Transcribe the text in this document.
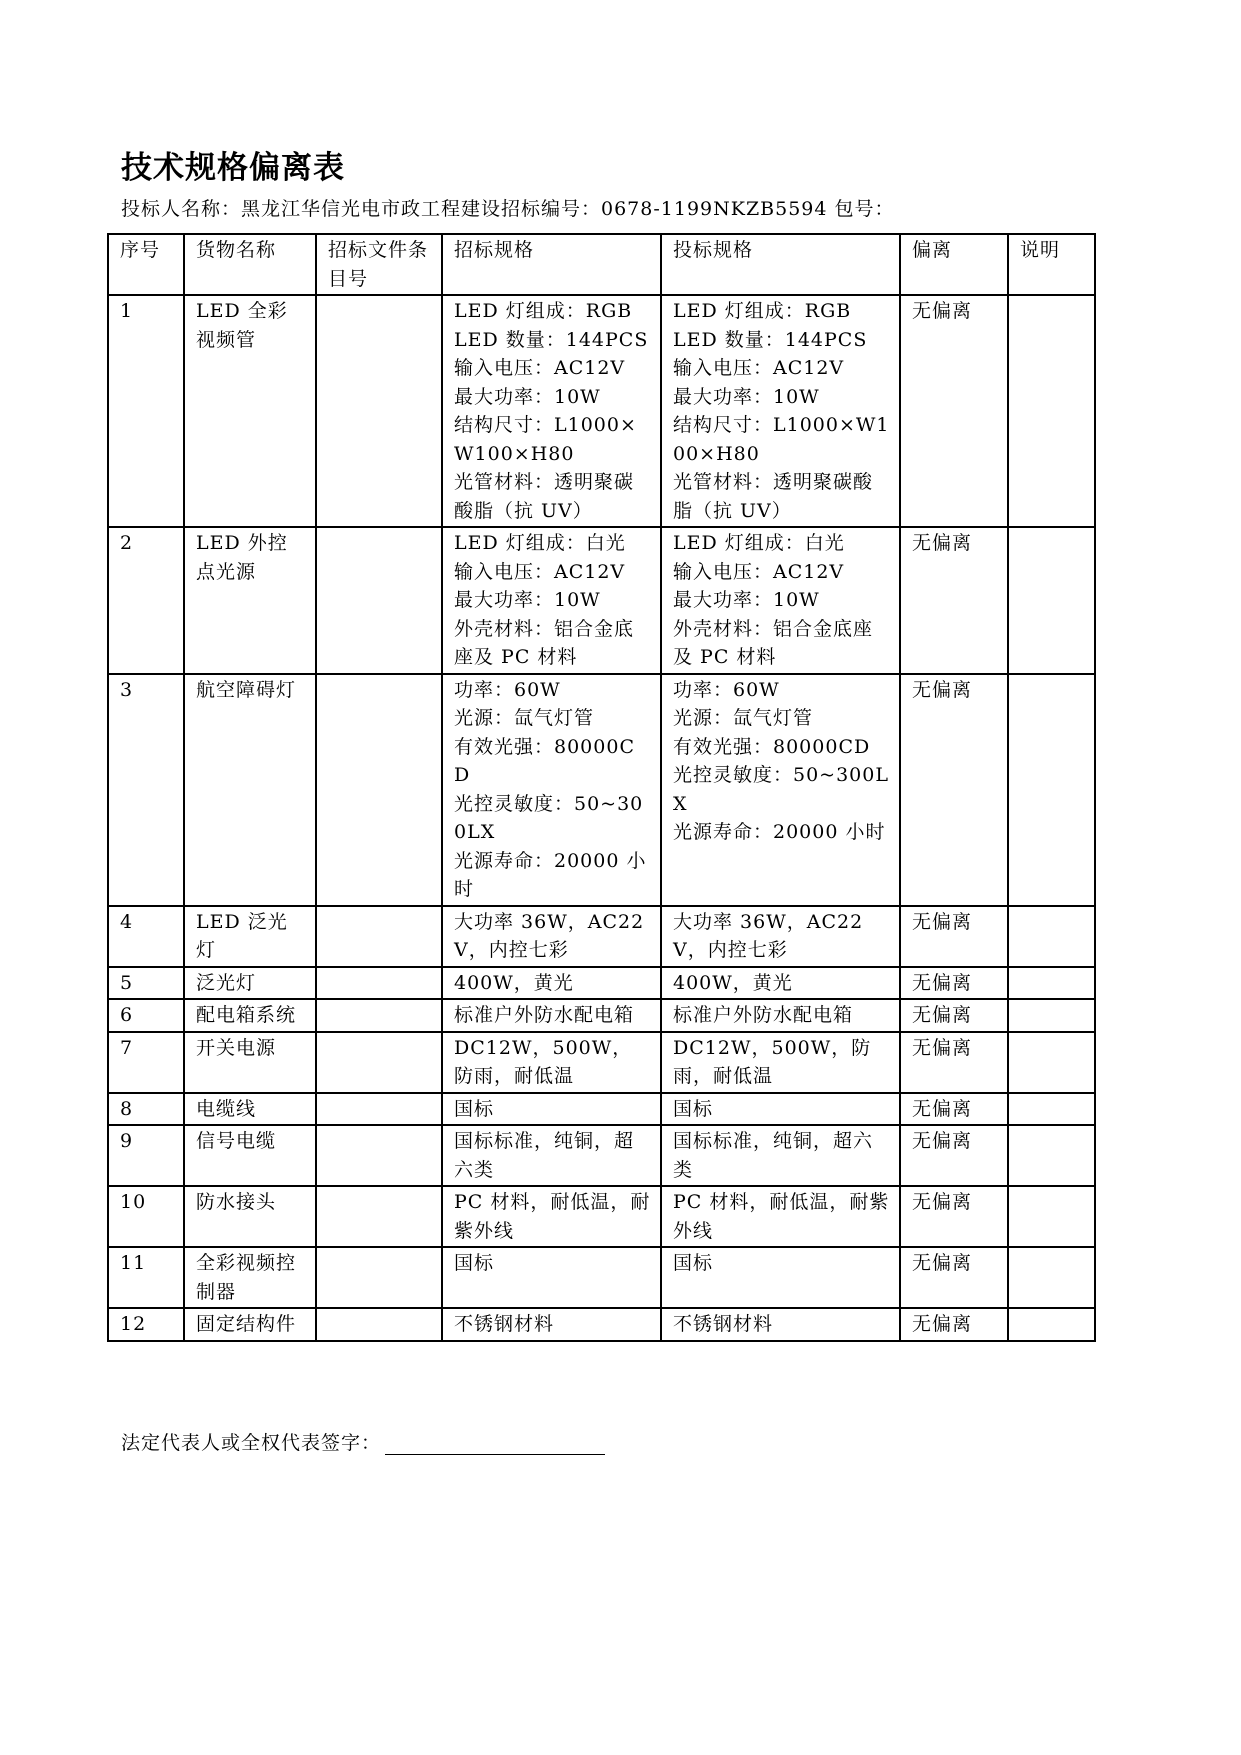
技术规格偏离表
投标人名称：黑龙江华信光电市政工程建设招标编号：0678-1199NKZB5594 包号：
序号	货物名称	招标文件条目号	招标规格	投标规格	偏离	说明
1	LED 全彩视频管		LED 灯组成：RGB
LED 数量：144PCS 输入电压：AC12V
最大功率：10W
结构尺寸：L1000×W100×H80
光管材料：透明聚碳酸脂（抗 UV）	LED 灯组成：RGB
LED 数量：144PCS 输入电压：AC12V
最大功率：10W
结构尺寸：L1000×W100×H80
光管材料：透明聚碳酸脂（抗 UV）	无偏离	
2	LED 外控点光源		LED 灯组成：白光
输入电压：AC12V
最大功率：10W
外壳材料：铝合金底座及 PC 材料	LED 灯组成：白光
输入电压：AC12V
最大功率：10W
外壳材料：铝合金底座及 PC 材料	无偏离	
3	航空障碍灯		功率：60W
光源：氙气灯管
有效光强：80000CD
光控灵敏度：50~300LX
光源寿命：20000 小时	功率：60W
光源：氙气灯管
有效光强：80000CD
光控灵敏度：50~300LX
光源寿命：20000 小时	无偏离	
4	LED 泛光灯		大功率 36W，AC22V，内控七彩	大功率 36W，AC22V，内控七彩	无偏离	
5	泛光灯		400W，黄光	400W，黄光	无偏离	
6	配电箱系统		标准户外防水配电箱	标准户外防水配电箱	无偏离	
7	开关电源		DC12W，500W，防雨，耐低温	DC12W，500W，防雨，耐低温	无偏离	
8	电缆线		国标	国标	无偏离	
9	信号电缆		国标标准，纯铜，超六类	国标标准，纯铜，超六类	无偏离	
10	防水接头		PC 材料，耐低温，耐紫外线	PC 材料，耐低温，耐紫外线	无偏离	
11	全彩视频控制器		国标	国标	无偏离	
12	固定结构件		不锈钢材料	不锈钢材料	无偏离	
法定代表人或全权代表签字：
